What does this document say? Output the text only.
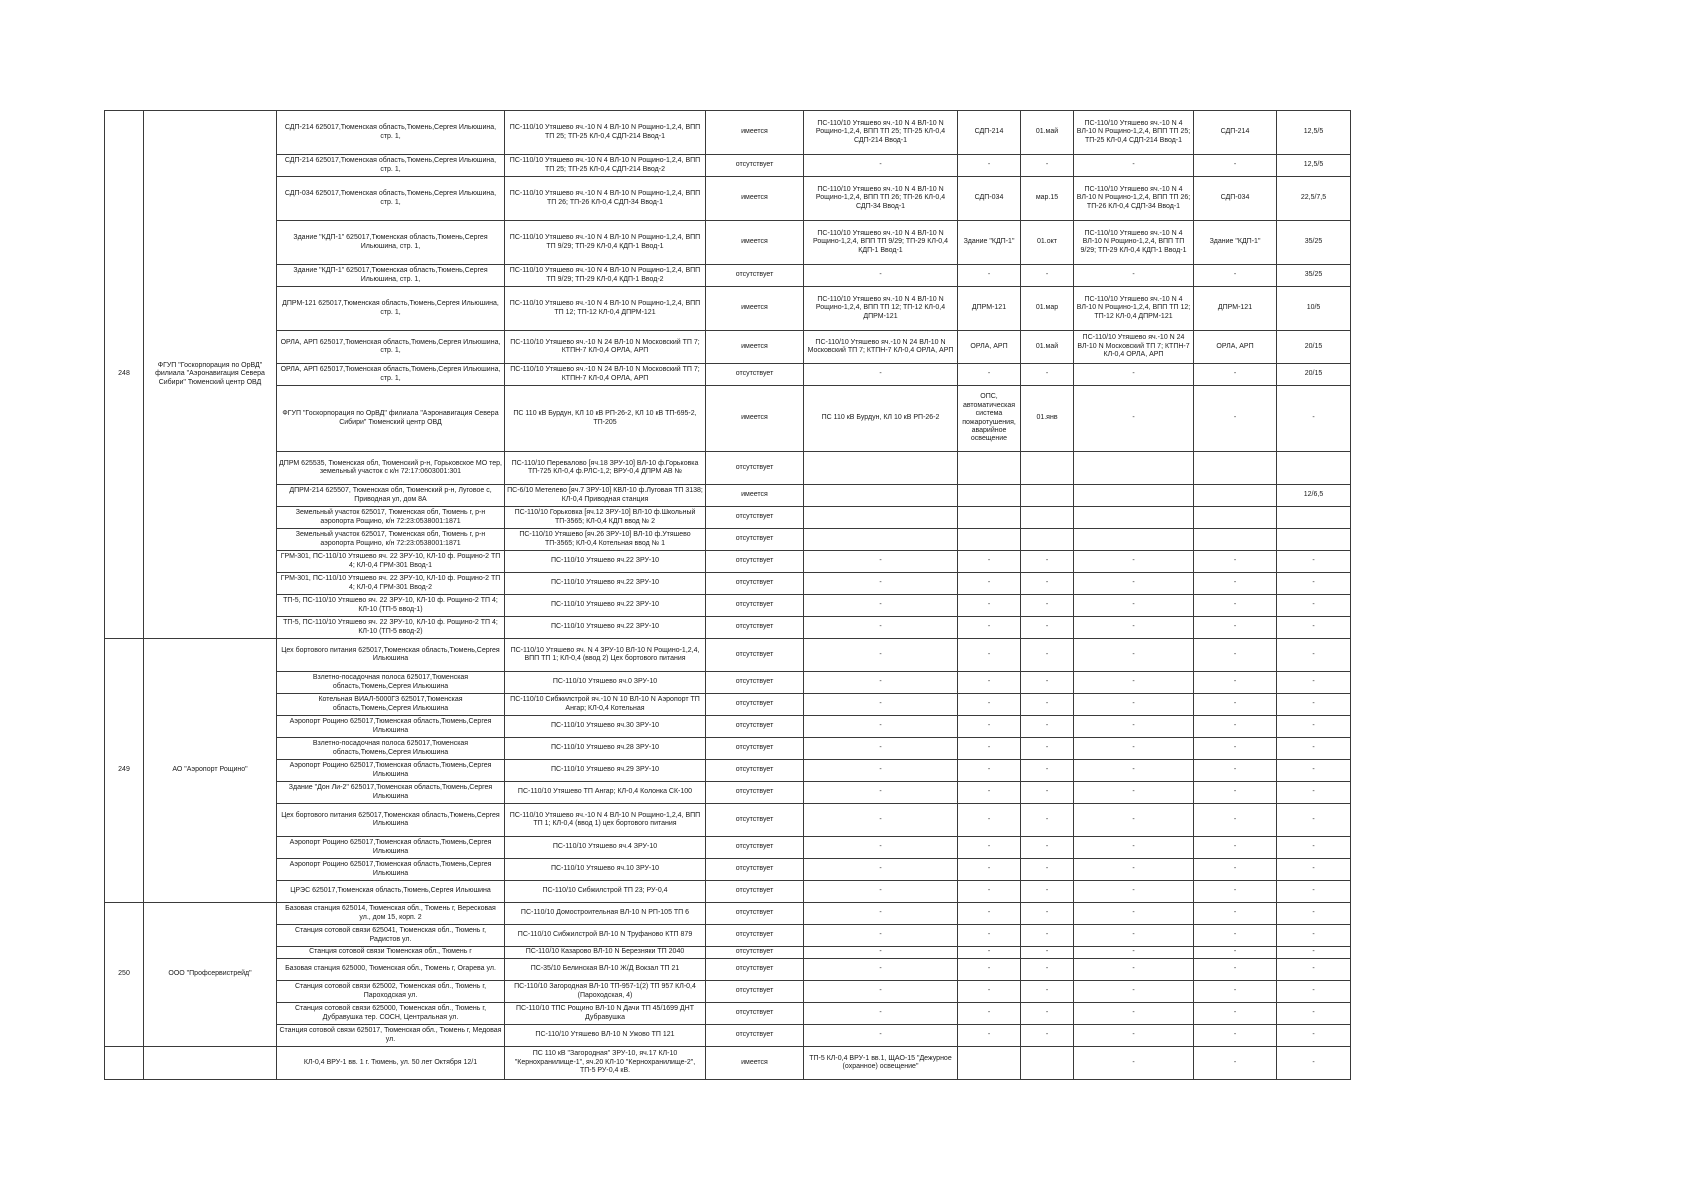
248	ФГУП "Госкорпорация по ОрВД" филиала "Аэронавигация Севера Сибири" Тюменский центр ОВД	СДП-214 625017,Тюменская область,Тюмень,Сергея Ильюшина, стр. 1,	ПС-110/10 Утяшево яч.-10 N 4 ВЛ-10 N Рощино-1,2,4, ВПП ТП 25; ТП-25 КЛ-0,4 СДП-214 Ввод-1	имеется	ПС-110/10 Утяшево яч.-10 N 4 ВЛ-10 N Рощино-1,2,4, ВПП ТП 25; ТП-25 КЛ-0,4 СДП-214 Ввод-1	СДП-214	01.май	ПС-110/10 Утяшево яч.-10 N 4 ВЛ-10 N Рощино-1,2,4, ВПП ТП 25; ТП-25 КЛ-0,4 СДП-214 Ввод-1	СДП-214	12,5/5
		СДП-214 625017,Тюменская область,Тюмень,Сергея Ильюшина, стр. 1,	ПС-110/10 Утяшево яч.-10 N 4 ВЛ-10 N Рощино-1,2,4, ВПП ТП 25; ТП-25 КЛ-0,4 СДП-214 Ввод-2	отсутствует	-	-	-	-	-	12,5/5
		СДП-034 625017,Тюменская область,Тюмень,Сергея Ильюшина, стр. 1,	ПС-110/10 Утяшево яч.-10 N 4 ВЛ-10 N Рощино-1,2,4, ВПП ТП 26; ТП-26 КЛ-0,4 СДП-34 Ввод-1	имеется	ПС-110/10 Утяшево яч.-10 N 4 ВЛ-10 N Рощино-1,2,4, ВПП ТП 26; ТП-26 КЛ-0,4 СДП-34 Ввод-1	СДП-034	мар.15	ПС-110/10 Утяшево яч.-10 N 4 ВЛ-10 N Рощино-1,2,4, ВПП ТП 26; ТП-26 КЛ-0,4 СДП-34 Ввод-1	СДП-034	22,5/7,5
		Здание "КДП-1" 625017,Тюменская область,Тюмень,Сергея Ильюшина, стр. 1,	ПС-110/10 Утяшево яч.-10 N 4 ВЛ-10 N Рощино-1,2,4, ВПП ТП 9/29; ТП-29 КЛ-0,4 КДП-1 Ввод-1	имеется	ПС-110/10 Утяшево яч.-10 N 4 ВЛ-10 N Рощино-1,2,4, ВПП ТП 9/29; ТП-29 КЛ-0,4 КДП-1 Ввод-1	Здание "КДП-1"	01.окт	ПС-110/10 Утяшево яч.-10 N 4 ВЛ-10 N Рощино-1,2,4, ВПП ТП 9/29; ТП-29 КЛ-0,4 КДП-1 Ввод-1	Здание "КДП-1"	35/25
		Здание "КДП-1" 625017,Тюменская область,Тюмень,Сергея Ильюшина, стр. 1,	ПС-110/10 Утяшево яч.-10 N 4 ВЛ-10 N Рощино-1,2,4, ВПП ТП 9/29; ТП-29 КЛ-0,4 КДП-1 Ввод-2	отсутствует	-	-	-	-	-	35/25
		ДПРМ-121 625017,Тюменская область,Тюмень,Сергея Ильюшина, стр. 1,	ПС-110/10 Утяшево яч.-10 N 4 ВЛ-10 N Рощино-1,2,4, ВПП ТП 12; ТП-12 КЛ-0,4 ДПРМ-121	имеется	ПС-110/10 Утяшево яч.-10 N 4 ВЛ-10 N Рощино-1,2,4, ВПП ТП 12; ТП-12 КЛ-0,4 ДПРМ-121	ДПРМ-121	01.мар	ПС-110/10 Утяшево яч.-10 N 4 ВЛ-10 N Рощино-1,2,4, ВПП ТП 12; ТП-12 КЛ-0,4 ДПРМ-121	ДПРМ-121	10/5
		ОРЛА, АРП 625017,Тюменская область,Тюмень,Сергея Ильюшина, стр. 1,	ПС-110/10 Утяшево яч.-10 N 24 ВЛ-10 N Московский ТП 7; КТПН-7 КЛ-0,4 ОРЛА, АРП	имеется	ПС-110/10 Утяшево яч.-10 N 24 ВЛ-10 N Московский ТП 7; КТПН-7 КЛ-0,4 ОРЛА, АРП	ОРЛА, АРП	01.май	ПС-110/10 Утяшево яч.-10 N 24 ВЛ-10 N Московский ТП 7; КТПН-7 КЛ-0,4 ОРЛА, АРП	ОРЛА, АРП	20/15
		ОРЛА, АРП 625017,Тюменская область,Тюмень,Сергея Ильюшина, стр. 1,	ПС-110/10 Утяшево яч.-10 N 24 ВЛ-10 N Московский ТП 7; КТПН-7 КЛ-0,4 ОРЛА, АРП	отсутствует	-	-	-	-	-	20/15
		ФГУП "Госкорпорация по ОрВД" филиала "Аэронавигация Севера Сибири" Тюменский центр ОВД	ПС 110 кВ Бурдун, КЛ 10 кВ РП-26-2, КЛ 10 кВ ТП-695-2, ТП-205	имеется	ПС 110 кВ Бурдун, КЛ 10 кВ РП-26-2	ОПС, автоматическая система пожаротушения, аварийное освещение	01.янв	-	-	-
		ДПРМ 625535, Тюменская обл, Тюменский р-н, Горьковское МО тер, земельный участок с к/н 72:17:0603001:301	ПС-110/10 Перевалово [яч.18 ЗРУ-10] ВЛ-10 ф.Горьковка ТП-725 КЛ-0,4 ф.РЛС-1,2; ВРУ-0,4 ДПРМ АВ №	отсутствует						
		ДПРМ-214 625507, Тюменская обл, Тюменский р-н, Луговое с, Приводная ул, дом 8А	ПС-6/10 Метелево [яч.7 ЗРУ-10] КВЛ-10 ф.Луговая ТП 3138; КЛ-0,4 Приводная станция	имеется						12/6,5
		Земельный участок 625017, Тюменская обл, Тюмень г, р-н аэропорта Рощино, к/н 72:23:0538001:1871	ПС-110/10 Горьковка [яч.12 ЗРУ-10] ВЛ-10 ф.Школьный ТП-3565; КЛ-0,4 КДП ввод № 2	отсутствует						
		Земельный участок 625017, Тюменская обл, Тюмень г, р-н аэропорта Рощино, к/н 72:23:0538001:1871	ПС-110/10 Утяшево [яч.26 ЗРУ-10] ВЛ-10 ф.Утяшево ТП-3565; КЛ-0,4 Котельная ввод № 1	отсутствует						
		ГРМ-301, ПС-110/10 Утяшево яч. 22 ЗРУ-10, КЛ-10 ф. Рощино-2 ТП 4; КЛ-0,4 ГРМ-301 Ввод-1	ПС-110/10 Утяшево яч.22 ЗРУ-10	отсутствует	-	-	-	-	-	-
		ГРМ-301, ПС-110/10 Утяшево яч. 22 ЗРУ-10, КЛ-10 ф. Рощино-2 ТП 4; КЛ-0,4 ГРМ-301 Ввод-2	ПС-110/10 Утяшево яч.22 ЗРУ-10	отсутствует	-	-	-	-	-	-
		ТП-5, ПС-110/10 Утяшево яч. 22 ЗРУ-10, КЛ-10 ф. Рощино-2 ТП 4; КЛ-10 (ТП-5 ввод-1)	ПС-110/10 Утяшево яч.22 ЗРУ-10	отсутствует	-	-	-	-	-	-
		ТП-5, ПС-110/10 Утяшево яч. 22 ЗРУ-10, КЛ-10 ф. Рощино-2 ТП 4; КЛ-10 (ТП-5 ввод-2)	ПС-110/10 Утяшево яч.22 ЗРУ-10	отсутствует	-	-	-	-	-	-
249	АО "Аэропорт Рощино"	Цех бортового питания 625017,Тюменская область,Тюмень,Сергея Ильюшина	ПС-110/10 Утяшево яч. N 4 ЗРУ-10 ВЛ-10 N Рощино-1,2,4, ВПП ТП 1; КЛ-0,4 (ввод 2) Цех бортового питания	отсутствует	-	-	-	-	-	-
		Взлетно-посадочная полоса 625017,Тюменская область,Тюмень,Сергея Ильюшина	ПС-110/10 Утяшево яч.0 ЗРУ-10	отсутствует	-	-	-	-	-	-
		Котельная ВИАЛ-5000ГЗ 625017,Тюменская область,Тюмень,Сергея Ильюшина	ПС-110/10 Сибжилстрой яч.-10 N 10 ВЛ-10 N Аэропорт ТП Ангар; КЛ-0,4 Котельная	отсутствует	-	-	-	-	-	-
		Аэропорт Рощино 625017,Тюменская область,Тюмень,Сергея Ильюшина	ПС-110/10 Утяшево яч.30 ЗРУ-10	отсутствует	-	-	-	-	-	-
		Взлетно-посадочная полоса 625017,Тюменская область,Тюмень,Сергея Ильюшина	ПС-110/10 Утяшево яч.28 ЗРУ-10	отсутствует	-	-	-	-	-	-
		Аэропорт Рощино 625017,Тюменская область,Тюмень,Сергея Ильюшина	ПС-110/10 Утяшево яч.29 ЗРУ-10	отсутствует	-	-	-	-	-	-
		Здание "Дон Ли-2" 625017,Тюменская область,Тюмень,Сергея Ильюшина	ПС-110/10 Утяшево ТП Ангар; КЛ-0,4 Колонка СК-100	отсутствует	-	-	-	-	-	-
		Цех бортового питания 625017,Тюменская область,Тюмень,Сергея Ильюшина	ПС-110/10 Утяшево яч.-10 N 4 ВЛ-10 N Рощино-1,2,4, ВПП ТП 1; КЛ-0,4 (ввод 1) цех бортового питания	отсутствует	-	-	-	-	-	-
		Аэропорт Рощино 625017,Тюменская область,Тюмень,Сергея Ильюшина	ПС-110/10 Утяшево яч.4 ЗРУ-10	отсутствует	-	-	-	-	-	-
		Аэропорт Рощино 625017,Тюменская область,Тюмень,Сергея Ильюшина	ПС-110/10 Утяшево яч.10 ЗРУ-10	отсутствует	-	-	-	-	-	-
		ЦРЭС 625017,Тюменская область,Тюмень,Сергея Ильюшина	ПС-110/10 Сибжилстрой ТП 23; РУ-0,4	отсутствует	-	-	-	-	-	-
250	ООО "Профсервистрейд"	Базовая станция 625014, Тюменская обл., Тюмень г, Вересковая ул., дом 15, корп. 2	ПС-110/10 Домостроительная ВЛ-10 N РП-105 ТП 6	отсутствует	-	-	-	-	-	-
		Станция сотовой связи 625041, Тюменская обл., Тюмень г, Радистов ул.	ПС-110/10 Сибжилстрой ВЛ-10 N Труфаново КТП 879	отсутствует	-	-	-	-	-	-
		Станция сотовой связи Тюменская обл., Тюмень г	ПС-110/10 Казарово ВЛ-10 N Березняки ТП 2040	отсутствует	-	-	-	-	-	-
		Базовая станция 625000, Тюменская обл., Тюмень г, Огарева ул.	ПС-35/10 Белинская ВЛ-10 Ж/Д Вокзал ТП 21	отсутствует	-	-	-	-	-	-
		Станция сотовой связи 625002, Тюменская обл., Тюмень г, Пароходская ул.	ПС-110/10 Загородная ВЛ-10 ТП-957-1(2) ТП 957 КЛ-0,4 (Пароходская, 4)	отсутствует	-	-	-	-	-	-
		Станция сотовой связи 625000, Тюменская обл., Тюмень г, Дубравушка тер. СОСН, Центральная ул.	ПС-110/10 ТПС Рощино ВЛ-10 N Дачи ТП 45/1699 ДНТ Дубравушка	отсутствует	-	-	-	-	-	-
		Станция сотовой связи 625017, Тюменская обл., Тюмень г, Медовая ул.	ПС-110/10 Утяшево ВЛ-10 N Ужово ТП 121	отсутствует	-	-	-	-	-	-
		КЛ-0,4 ВРУ-1 вв. 1 г. Тюмень, ул. 50 лет Октября 12/1	ПС 110 кВ "Загородная" ЗРУ-10, яч.17 КЛ-10 "Кернохранилище-1", яч.20 КЛ-10 "Кернохранилище-2", ТП-5 РУ-0,4 кВ.	имеется	ТП-5 КЛ-0,4 ВРУ-1 вв.1, ЩАО-15 "Дежурное (охранное) освещение"			-	-	-
